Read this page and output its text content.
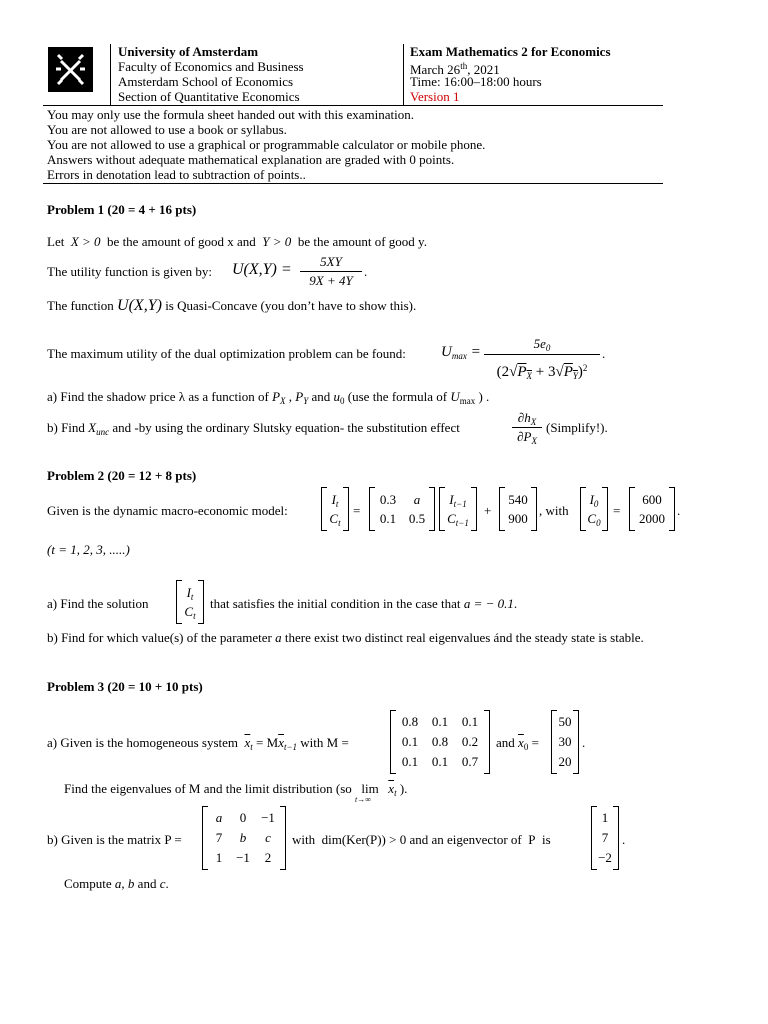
University of Amsterdam
Faculty of Economics and Business
Amsterdam School of Economics
Section of Quantitative Economics
Exam Mathematics 2 for Economics
March 26th, 2021
Time: 16:00–18:00 hours
Version 1
You may only use the formula sheet handed out with this examination.
You are not allowed to use a book or syllabus.
You are not allowed to use a graphical or programmable calculator or mobile phone.
Answers without adequate mathematical explanation are graded with 0 points.
Errors in denotation lead to subtraction of points..
Problem 1 (20 = 4 + 16 pts)
Let X > 0 be the amount of good x and Y > 0 be the amount of good y.
The utility function is given by: U(X,Y) =	5XY
9X + 4Y
.
The function U(X,Y) is Quasi-Concave (you don’t have to show this).
The maximum utility of the dual optimization problem can be found: $U_{max}$ =
$5e_0$
$(2√P_X + 3√P_Y)^2$
.
a) Find the shadow price λ as a function of $P_X$ , $P_Y$ and $u_0$ (use the formula of $U_{max}$ ) .
b) Find $X_{unc}$ and -by using the ordinary Slutsky equation- the substitution effect
$\partial h_X$
$\partial P_X$
(Simplify!).
Problem 2 (20 = 12 + 8 pts)
Given is the dynamic macro-economic model:
$I_t$
$C_t$
=
0.3	a
0.1 0.5
$I_{t-1}$
$C_{t-1}$
+
540
900
, with
$I_0$
$C_0$
=
600
2000
.
(t = 1, 2, 3, .....)
a) Find the solution
$I_t$
$C_t$
that satisfies the initial condition in the case that a = − 0.1.
b) Find for which value(s) of the parameter a there exist two distinct real eigenvalues ánd the steady state is stable.
Problem 3 (20 = 10 + 10 pts)
a) Given is the homogeneous system $\overline{x}_t = M\overline{x}_{t-1}$ with M =
0.8	0.1	0.1
0.1	0.8	0.2
0.1	0.1	0.7
and $\overline{x}_0$ =
50
30
20
.
Find the eigenvalues of M and the limit distribution (so lim
t→∞
$\overline{x}_t$ ).
b) Given is the matrix P =
a	0	−1
7	b	c
1	−1	2
with dim(Ker(P)) > 0 and an eigenvector of  P  is
1
7
−2
.
Compute a, b and c.
